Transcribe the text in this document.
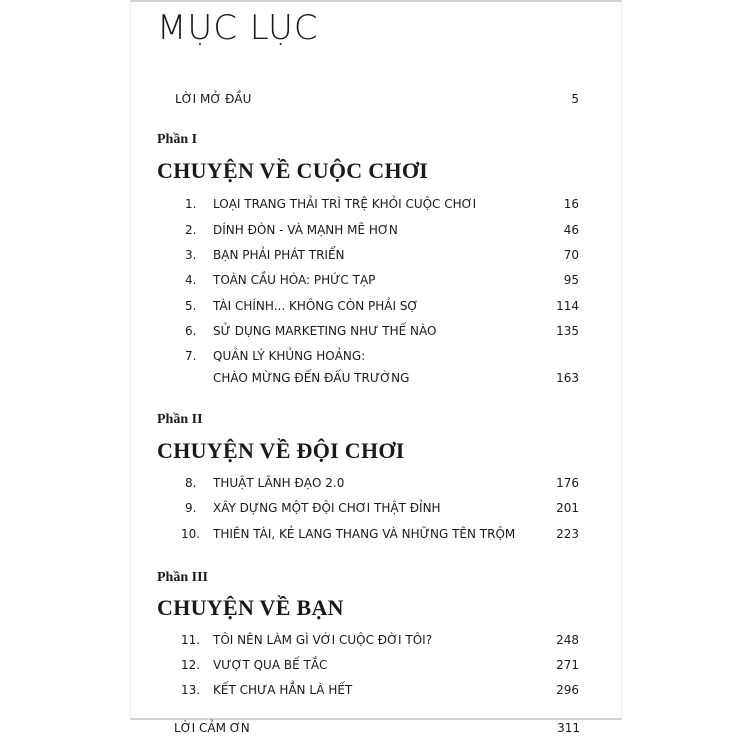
MỤC LỤC
LỜI MỞ ĐẦU	5
Phần I
CHUYỆN VỀ CUỘC CHƠI
1. LOẠI TRANG THẢI TRÌ TRỆ KHỎI CUỘC CHƠI	16
2. DÍNH ĐÒN - VÀ MẠNH MẼ HƠN	46
3. BẠN PHẢI PHÁT TRIỂN	70
4. TOÀN CẦU HÓA: PHỨC TẠP	95
5. TÀI CHÍNH... KHÔNG CÒN PHẢI SỢ	114
6. SỬ DỤNG MARKETING NHƯ THẾ NÀO	135
7. QUẢN LÝ KHỦNG HOẢNG:
CHÀO MỪNG ĐẾN ĐẤU TRƯỜNG	163
Phần II
CHUYỆN VỀ ĐỘI CHƠI
8. THUẬT LÃNH ĐẠO 2.0	176
9. XÂY DỰNG MỘT ĐỘI CHƠI THẬT ĐỈNH	201
10. THIÊN TÀI, KẺ LANG THANG VÀ NHỮNG TÊN TRỘM	223
Phần III
CHUYỆN VỀ BẠN
11. TÔI NÊN LÀM GÌ VỚI CUỘC ĐỜI TÔI?	248
12. VƯỢT QUA BẾ TẮC	271
13. KẾT CHƯA HẲN LÀ HẾT	296
LỜI CẢM ƠN	311
